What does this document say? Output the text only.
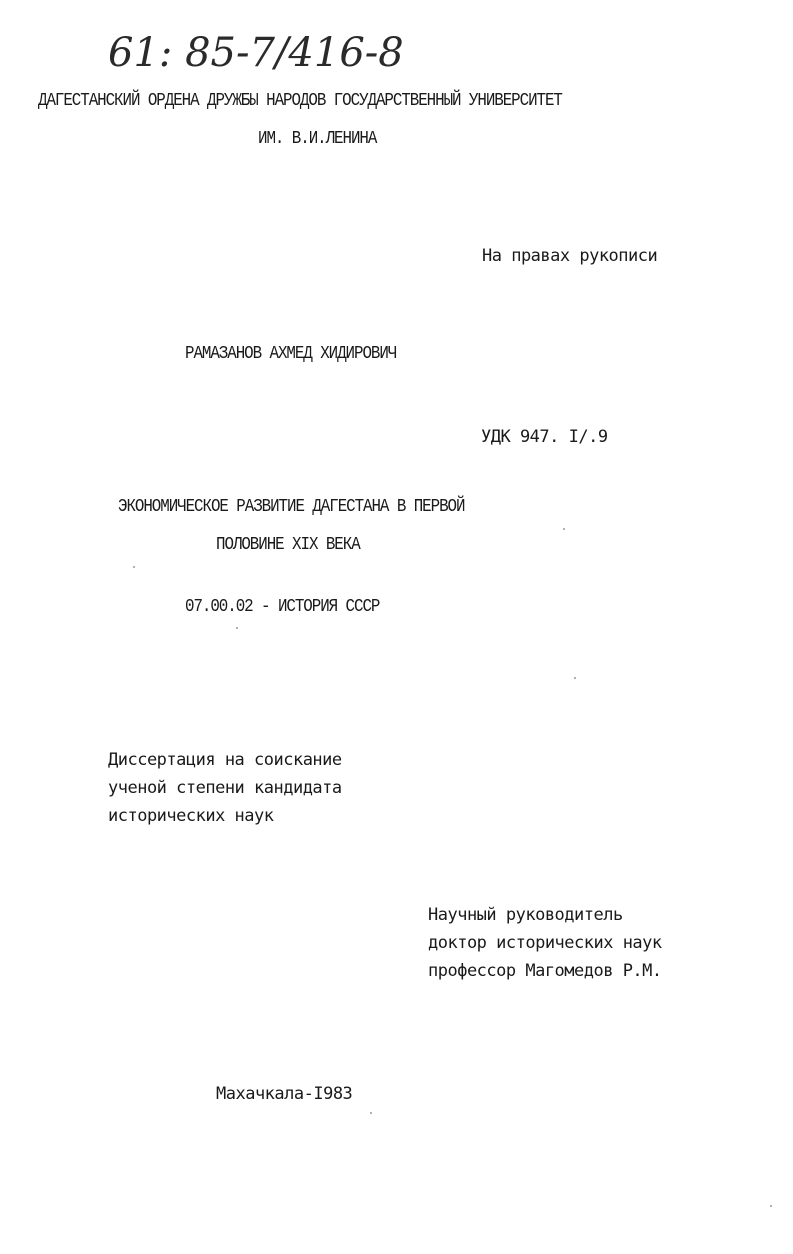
61: 85-7/416-8
ДАГЕСТАНСКИЙ ОРДЕНА ДРУЖБЫ НАРОДОВ ГОСУДАРСТВЕННЫЙ УНИВЕРСИТЕТ
ИМ. В.И.ЛЕНИНА
На правах рукописи
РАМАЗАНОВ АХМЕД ХИДИРОВИЧ
УДК 947. I/.9
ЭКОНОМИЧЕСКОЕ РАЗВИТИЕ ДАГЕСТАНА В ПЕРВОЙ
ПОЛОВИНЕ XIX ВЕКА
07.00.02 - ИСТОРИЯ СССР
Диссертация на соискание
ученой степени кандидата
исторических наук
Научный руководитель
доктор исторических наук
профессор Магомедов Р.М.
Махачкала-I983
